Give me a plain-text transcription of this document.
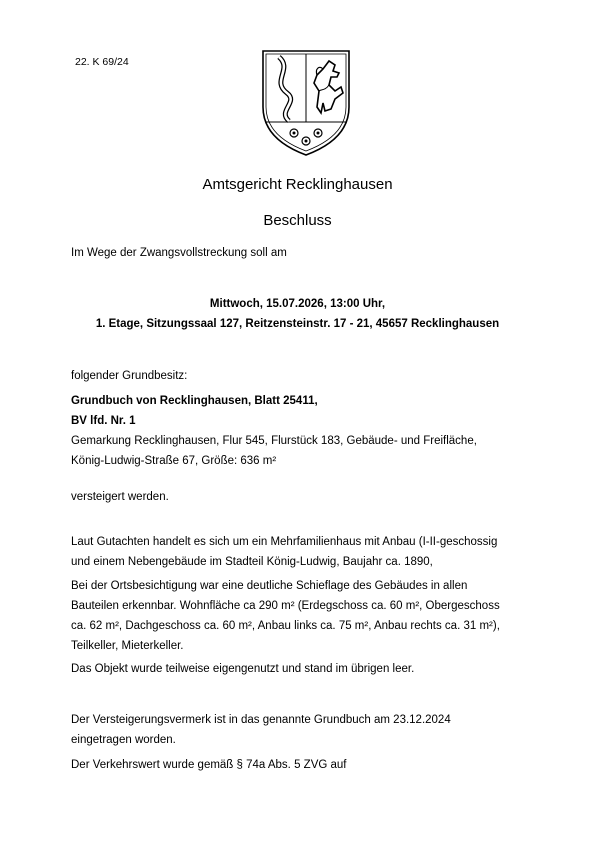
22. K 69/24
Amtsgericht Recklinghausen
Beschluss
Im Wege der Zwangsvollstreckung soll am
Mittwoch, 15.07.2026, 13:00 Uhr,
1. Etage, Sitzungssaal 127, Reitzensteinstr. 17 - 21, 45657 Recklinghausen
folgender Grundbesitz:
Grundbuch von Recklinghausen, Blatt 25411,
BV lfd. Nr. 1
Gemarkung Recklinghausen, Flur 545, Flurstück 183, Gebäude- und Freifläche,
König-Ludwig-Straße 67, Größe: 636 m²
versteigert werden.
Laut Gutachten handelt es sich um ein Mehrfamilienhaus mit Anbau (I-II-geschossig
und einem Nebengebäude im Stadteil König-Ludwig, Baujahr ca. 1890,
Bei der Ortsbesichtigung war eine deutliche Schieflage des Gebäudes in allen
Bauteilen erkennbar. Wohnfläche ca 290 m² (Erdegschoss ca. 60 m², Obergeschoss
ca. 62 m², Dachgeschoss ca. 60 m², Anbau links ca. 75 m², Anbau rechts ca. 31 m²),
Teilkeller, Mieterkeller.
Das Objekt wurde teilweise eigengenutzt und stand im übrigen leer.
Der Versteigerungsvermerk ist in das genannte Grundbuch am 23.12.2024
eingetragen worden.
Der Verkehrswert wurde gemäß § 74a Abs. 5 ZVG auf
